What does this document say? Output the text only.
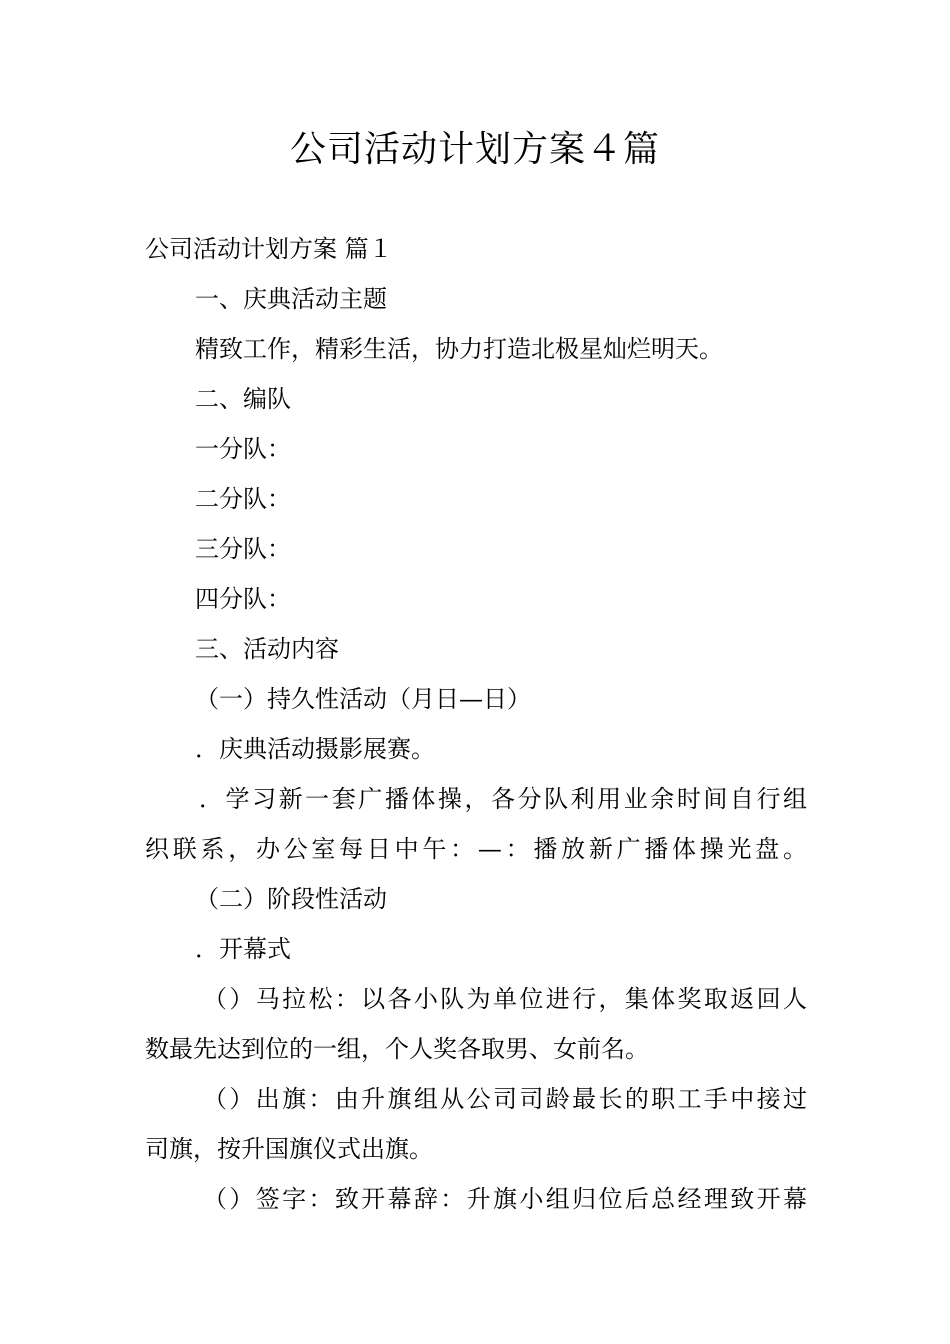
公司活动计划方案４篇

公司活动计划方案 篇１

一、庆典活动主题

精致工作，精彩生活，协力打造北极星灿烂明天。

二、编队

一分队：

二分队：

三分队：

四分队：

三、活动内容

（一）持久性活动（月日—日）

．庆典活动摄影展赛。

．学习新一套广播体操，各分队利用业余时间自行组

织联系，办公室每日中午：—：播放新广播体操光盘。

（二）阶段性活动

．开幕式

（）马拉松：以各小队为单位进行，集体奖取返回人

数最先达到位的一组，个人奖各取男、女前名。

（）出旗：由升旗组从公司司龄最长的职工手中接过

司旗，按升国旗仪式出旗。

（）签字：致开幕辞：升旗小组归位后总经理致开幕
